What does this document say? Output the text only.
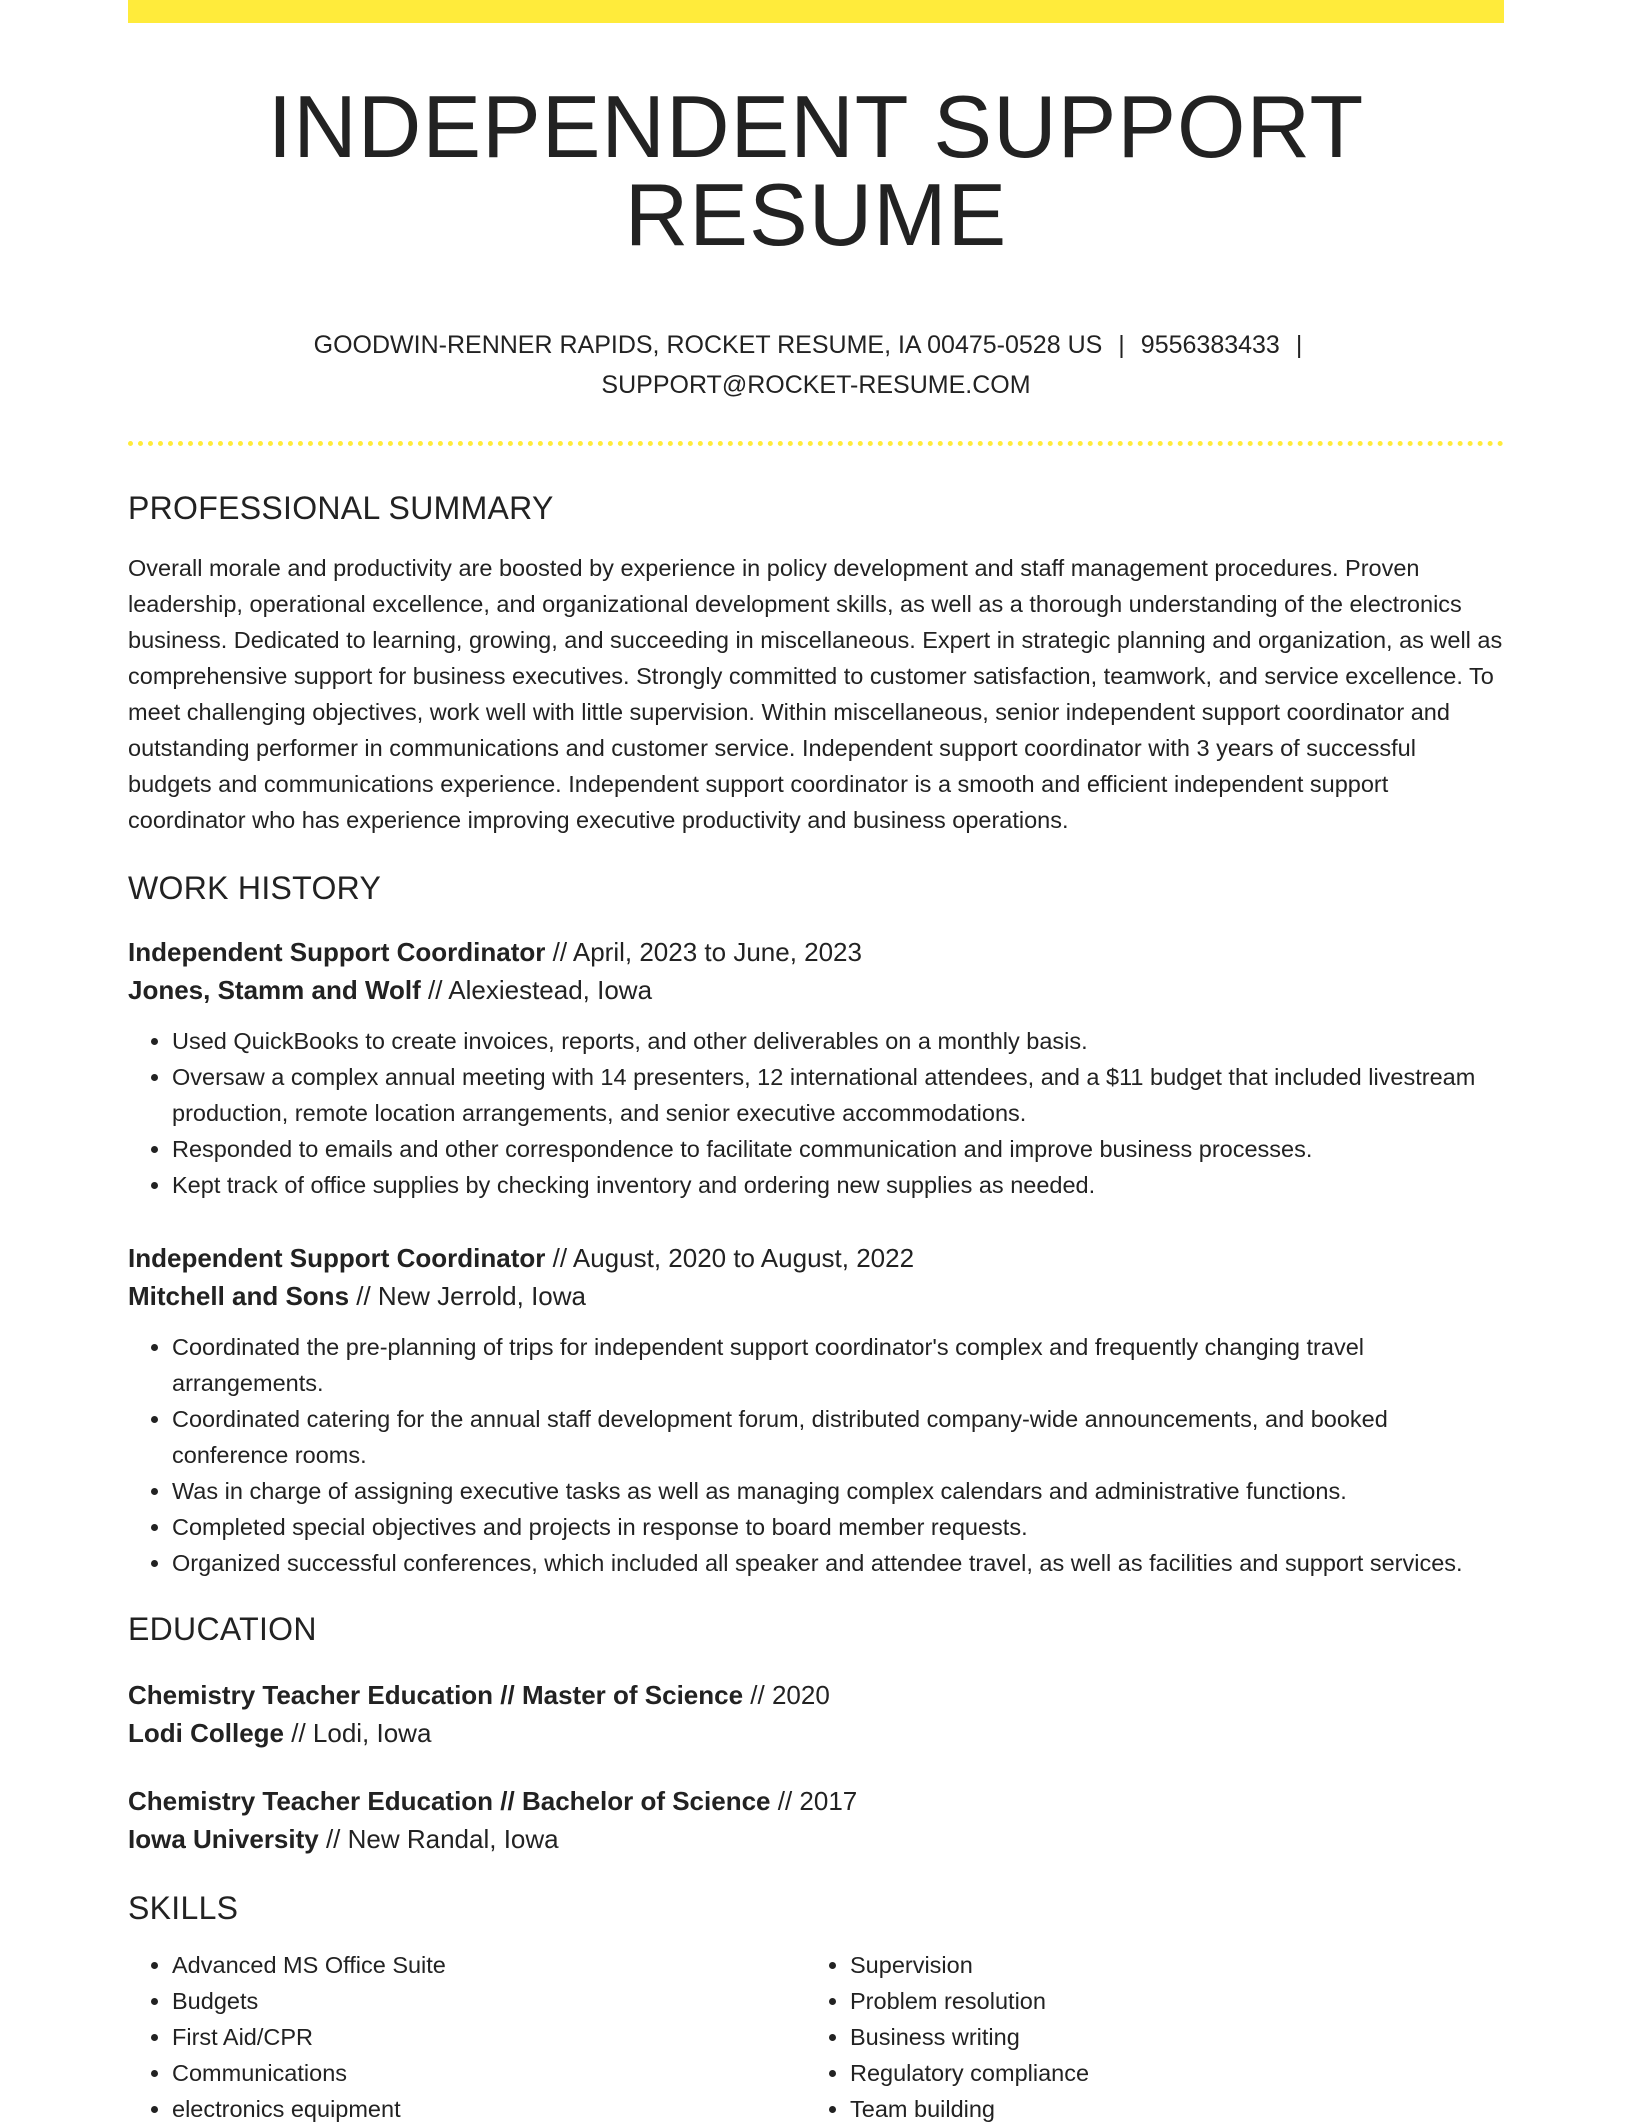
INDEPENDENT SUPPORT RESUME
GOODWIN-RENNER RAPIDS, ROCKET RESUME, IA 00475-0528 US | 9556383433 |
SUPPORT@ROCKET-RESUME.COM
PROFESSIONAL SUMMARY

Overall morale and productivity are boosted by experience in policy development and staff management procedures. Proven leadership, operational excellence, and organizational development skills, as well as a thorough understanding of the electronics business. Dedicated to learning, growing, and succeeding in miscellaneous. Expert in strategic planning and organization, as well as comprehensive support for business executives. Strongly committed to customer satisfaction, teamwork, and service excellence. To meet challenging objectives, work well with little supervision. Within miscellaneous, senior independent support coordinator and outstanding performer in communications and customer service. Independent support coordinator with 3 years of successful budgets and communications experience. Independent support coordinator is a smooth and efficient independent support coordinator who has experience improving executive productivity and business operations.

WORK HISTORY
Independent Support Coordinator // April, 2023 to June, 2023
Jones, Stamm and Wolf // Alexiestead, Iowa
• Used QuickBooks to create invoices, reports, and other deliverables on a monthly basis.
• Oversaw a complex annual meeting with 14 presenters, 12 international attendees, and a $11 budget that included livestream production, remote location arrangements, and senior executive accommodations.
• Responded to emails and other correspondence to facilitate communication and improve business processes.
• Kept track of office supplies by checking inventory and ordering new supplies as needed.
Independent Support Coordinator // August, 2020 to August, 2022
Mitchell and Sons // New Jerrold, Iowa
• Coordinated the pre-planning of trips for independent support coordinator's complex and frequently changing travel arrangements.
• Coordinated catering for the annual staff development forum, distributed company-wide announcements, and booked conference rooms.
• Was in charge of assigning executive tasks as well as managing complex calendars and administrative functions.
• Completed special objectives and projects in response to board member requests.
• Organized successful conferences, which included all speaker and attendee travel, as well as facilities and support services.
EDUCATION
Chemistry Teacher Education // Master of Science // 2020
Lodi College // Lodi, Iowa
Chemistry Teacher Education // Bachelor of Science // 2017
Iowa University // New Randal, Iowa
SKILLS
• Advanced MS Office Suite
• Budgets
• First Aid/CPR
• Communications
• electronics equipment
• Supervision
• Problem resolution
• Business writing
• Regulatory compliance
• Team building
